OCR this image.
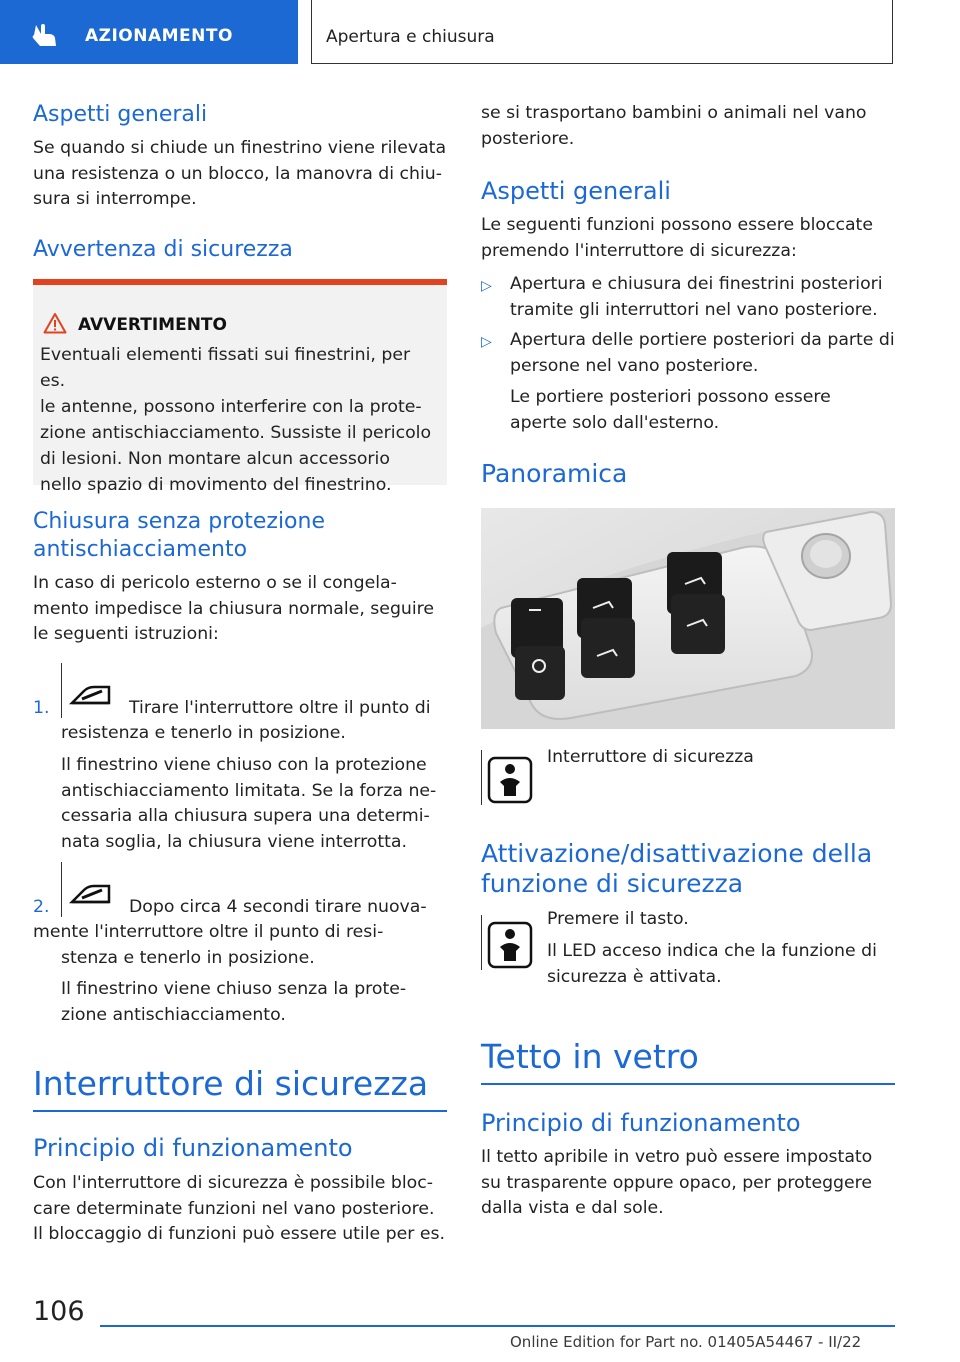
AZIONAMENTO	Apertura e chiusura
Aspetti generali
Se quando si chiude un finestrino viene rilevata
una resistenza o un blocco, la manovra di chiu‐
sura si interrompe.
Avvertenza di sicurezza
AVVERTIMENTO
Eventuali elementi fissati sui finestrini, per es.
le antenne, possono interferire con la prote‐
zione antischiacciamento. Sussiste il pericolo
di lesioni. Non montare alcun accessorio
nello spazio di movimento del finestrino.
Chiusura senza protezione
antischiacciamento
In caso di pericolo esterno o se il congela‐
mento impedisce la chiusura normale, seguire
le seguenti istruzioni:
1.	Tirare l'interruttore oltre il punto di
resistenza e tenerlo in posizione.
Il finestrino viene chiuso con la protezione
antischiacciamento limitata. Se la forza ne‐
cessaria alla chiusura supera una determi‐
nata soglia, la chiusura viene interrotta.
2.	Dopo circa 4 secondi tirare nuova‐
mente l'interruttore oltre il punto di resi‐
stenza e tenerlo in posizione.
Il finestrino viene chiuso senza la prote‐
zione antischiacciamento.
Interruttore di sicurezza
Principio di funzionamento
Con l'interruttore di sicurezza è possibile bloc‐
care determinate funzioni nel vano posteriore.
Il bloccaggio di funzioni può essere utile per es.
se si trasportano bambini o animali nel vano
posteriore.
Aspetti generali
Le seguenti funzioni possono essere bloccate
premendo l'interruttore di sicurezza:
▷ Apertura e chiusura dei finestrini posteriori
tramite gli interruttori nel vano posteriore.
▷ Apertura delle portiere posteriori da parte di
persone nel vano posteriore.
Le portiere posteriori possono essere
aperte solo dall'esterno.
Panoramica
Interruttore di sicurezza
Attivazione/disattivazione della
funzione di sicurezza
Premere il tasto.
Il LED acceso indica che la funzione di
sicurezza è attivata.
Tetto in vetro
Principio di funzionamento
Il tetto apribile in vetro può essere impostato
su trasparente oppure opaco, per proteggere
dalla vista e dal sole.
106
Online Edition for Part no. 01405A54467 - II/22
